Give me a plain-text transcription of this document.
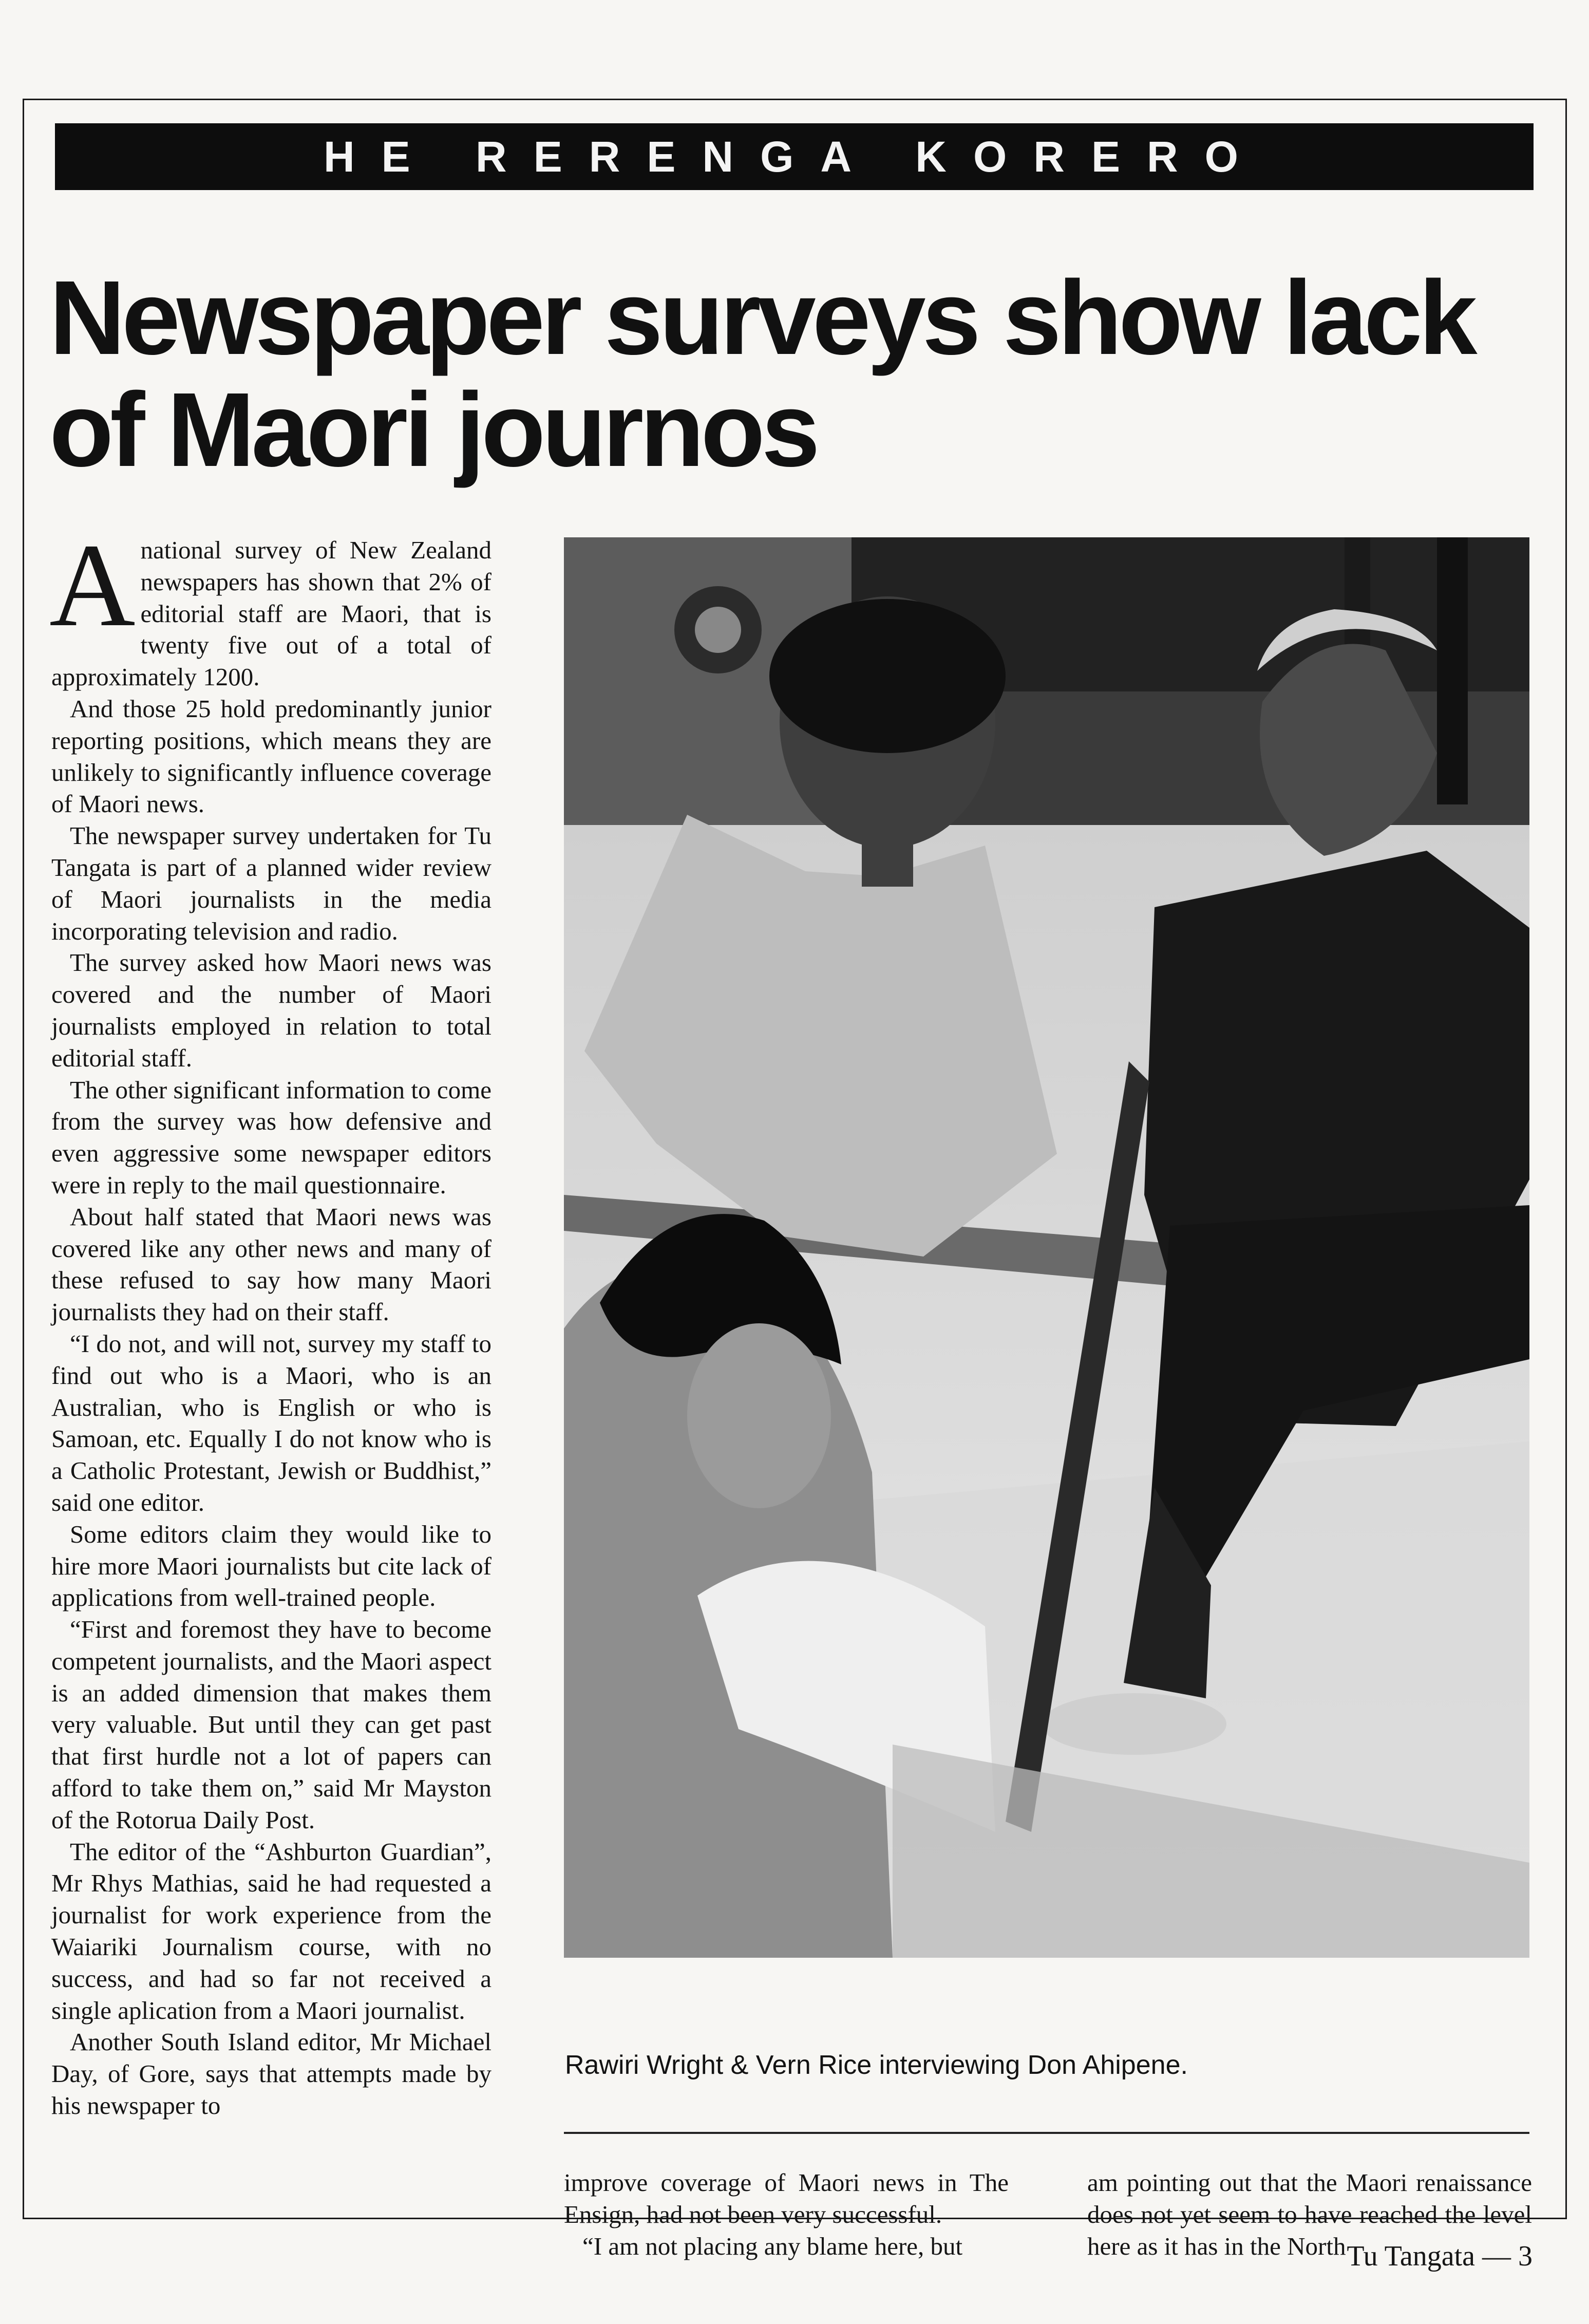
HE RERENGA KORERO
Newspaper surveys show lack
of Maori journos

Anational survey of New Zealand newspapers has shown that 2% of editorial staff are Maori, that is twenty five out of a total of approximately 1200.

And those 25 hold predominantly junior reporting positions, which means they are unlikely to significantly influence coverage of Maori news.

The newspaper survey undertaken for Tu Tangata is part of a planned wider review of Maori journalists in the media incorporating television and radio.

The survey asked how Maori news was covered and the number of Maori journalists employed in relation to total editorial staff.

The other significant information to come from the survey was how defensive and even aggressive some newspaper editors were in reply to the mail questionnaire.

About half stated that Maori news was covered like any other news and many of these refused to say how many Maori journalists they had on their staff.

“I do not, and will not, survey my staff to find out who is a Maori, who is an Australian, who is English or who is Samoan, etc. Equally I do not know who is a Catholic Protestant, Jewish or Buddhist,” said one editor.

Some editors claim they would like to hire more Maori journalists but cite lack of applications from well-trained people.

“First and foremost they have to become competent journalists, and the Maori aspect is an added dimension that makes them very valuable. But until they can get past that first hurdle not a lot of papers can afford to take them on,” said Mr Mayston of the Rotorua Daily Post.

The editor of the “Ashburton Guardian”, Mr Rhys Mathias, said he had requested a journalist for work experience from the Waiariki Journalism course, with no success, and had so far not received a single aplication from a Maori journalist.

Another South Island editor, Mr Michael Day, of Gore, says that attempts made by his newspaper to

Rawiri Wright & Vern Rice interviewing Don Ahipene.

improve coverage of Maori news in The Ensign, had not been very successful.

“I am not placing any blame here, but

am pointing out that the Maori renaissance does not yet seem to have reached the level here as it has in the North Tu Tangata — 3
